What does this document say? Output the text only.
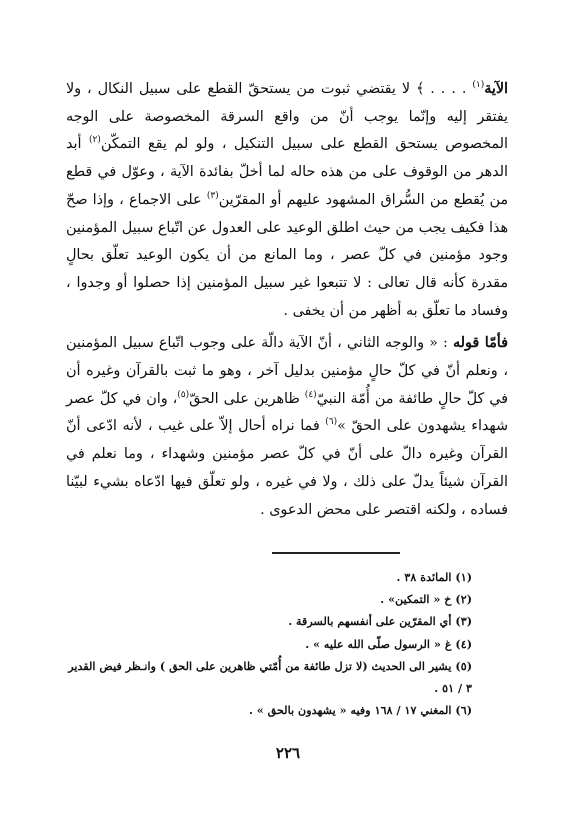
الآية$^{(١)}$ . . . . ﴾ لا يقتضي ثبوت من يستحقّ القطع على سبيل النكال ، ولا يفتقر إليه وإنّما يوجب أنّ من واقع السرقة المخصوصة على الوجه المخصوص يستحق القطع على سبيل التنكيل ، ولو لم يقع التمكّن$^{(٢)}$ أبد الدهر من الوقوف على من هذه حاله لما أخلّ بفائدة الآية ، وعوّل في قطع من يُقطع من السُّراق المشهود عليهم أو المقرّين$^{(٣)}$ على الاجماع ، وإذا صحّ هذا فكيف يجب من حيث اطلق الوعيد على العدول عن اتّباع سبيل المؤمنين وجود مؤمنين في كلّ عصر ، وما المانع من أن يكون الوعيد تعلّق بحالٍ مقدرة كأنه قال تعالى : لا تتبعوا غير سبيل المؤمنين إذا حصلوا أو وجدوا ، وفساد ما تعلّق به أظهر من أن يخفى .

فأمّا قوله : « والوجه الثاني ، أنّ الآية دالّة على وجوب اتّباع سبيل المؤمنين ، ونعلم أنّ في كلّ حالٍ مؤمنين بدليل آخر ، وهو ما ثبت بالقرآن وغيره أن في كلّ حالٍ طائفة من أُمّة النبيّ$^{(٤)}$ ظاهرين على الحقّ$^{(٥)}$، وان في كلّ عصر شهداء يشهدون على الحقّ »$^{(٦)}$ فما نراه أحال إلاّ على غيب ، لأنه ادّعى أنّ القرآن وغيره دالّ على أنّ في كلّ عصر مؤمنين وشهداء ، وما نعلم في القرآن شيئاً يدلّ على ذلك ، ولا في غيره ، ولو تعلّق فيها ادّعاه بشيء لبيّنا فساده ، ولكنه اقتصر على محض الدعوى .

(١) المائدة ٣٨ .

(٢) خ « التمكين» .

(٣) أي المقرّين على أنفسهم بالسرقة .

(٤) غ « الرسول صلّى الله عليه » .

(٥) يشير الى الحديث (لا تزل طائفة من أُمّتي ظاهرين على الحق ) وانـظر فيض القدير ٣ / ٥١ .

(٦) المغني ١٧ / ١٦٨ وفيه « يشهدون بالحق » .

٢٢٦
